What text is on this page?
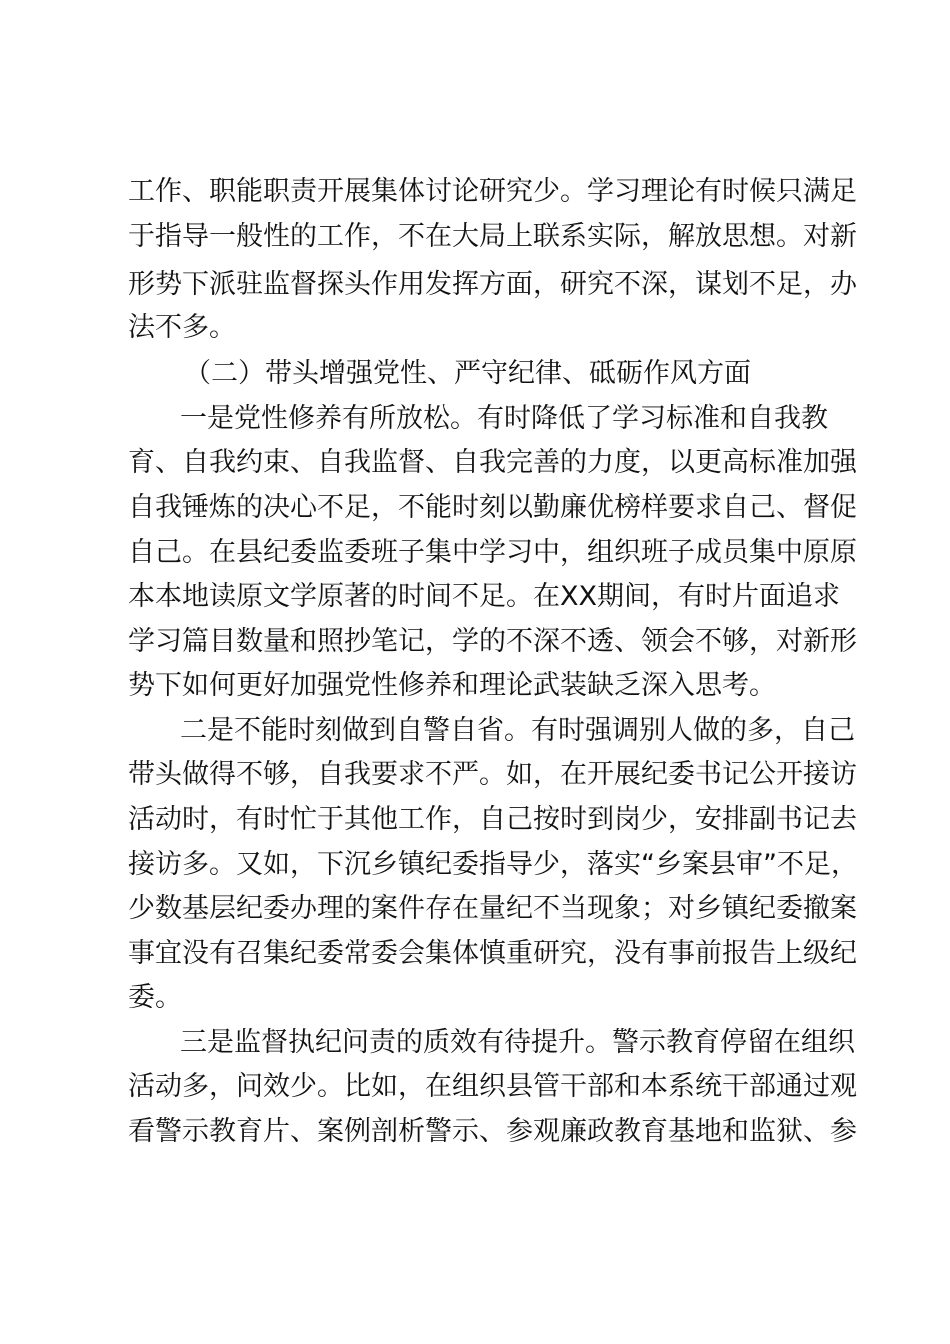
工作、职能职责开展集体讨论研究少。学习理论有时候只满足
于指导一般性的工作，不在大局上联系实际，解放思想。对新
形势下派驻监督探头作用发挥方面，研究不深，谋划不足，办
法不多。
（二）带头增强党性、严守纪律、砥砺作风方面
一是党性修养有所放松。有时降低了学习标准和自我教
育、自我约束、自我监督、自我完善的力度，以更高标准加强
自我锤炼的决心不足，不能时刻以勤廉优榜样要求自己、督促
自己。在县纪委监委班子集中学习中，组织班子成员集中原原
本本地读原文学原著的时间不足。在XX期间，有时片面追求
学习篇目数量和照抄笔记，学的不深不透、领会不够，对新形
势下如何更好加强党性修养和理论武装缺乏深入思考。
二是不能时刻做到自警自省。有时强调别人做的多，自己
带头做得不够，自我要求不严。如，在开展纪委书记公开接访
活动时，有时忙于其他工作，自己按时到岗少，安排副书记去
接访多。又如，下沉乡镇纪委指导少，落实“乡案县审”不足，
少数基层纪委办理的案件存在量纪不当现象；对乡镇纪委撤案
事宜没有召集纪委常委会集体慎重研究，没有事前报告上级纪
委。
三是监督执纪问责的质效有待提升。警示教育停留在组织
活动多，问效少。比如，在组织县管干部和本系统干部通过观
看警示教育片、案例剖析警示、参观廉政教育基地和监狱、参
